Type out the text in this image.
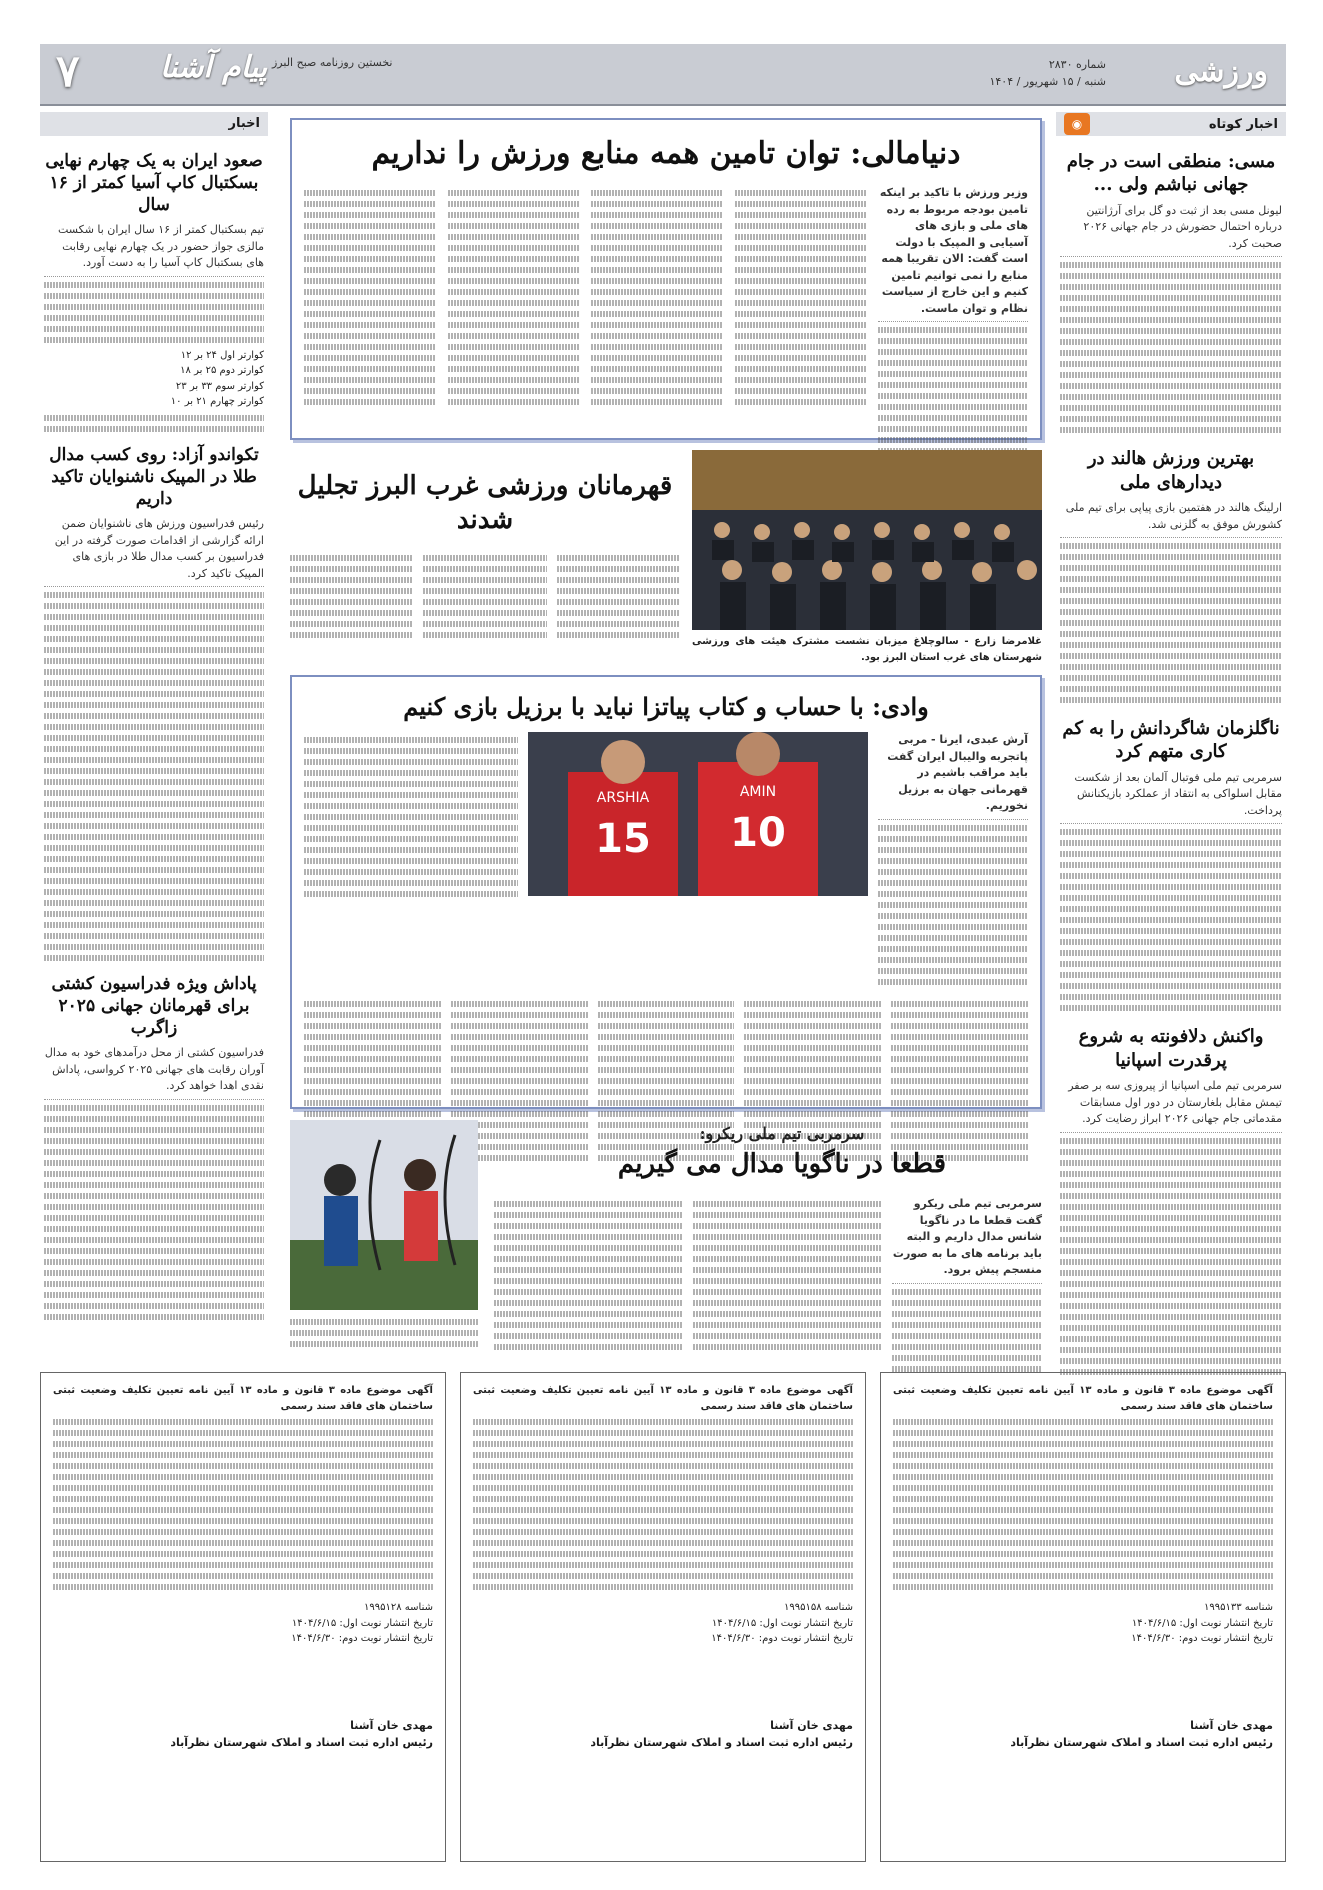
ورزشی
شماره ۲۸۳۰
شنبه / ۱۵ شهریور / ۱۴۰۴
نخستین روزنامه صبح البرز
پیام آشنا
۷
اخبار کوتاه
◉
مسی: منطقی است در جام جهانی نباشم ولی ...
لیونل مسی بعد از ثبت دو گل برای آرژانتین درباره احتمال حضورش در جام جهانی ۲۰۲۶ صحبت کرد.
بهترین ورزش هالند در دیدارهای ملی
ارلینگ هالند در هفتمین بازی پیاپی برای تیم ملی کشورش موفق به گلزنی شد.
ناگلزمان شاگردانش را به کم کاری متهم کرد
سرمربی تیم ملی فوتبال آلمان بعد از شکست مقابل اسلواکی به انتقاد از عملکرد بازیکنانش پرداخت.
واکنش دلافونته به شروع پرقدرت اسپانیا
سرمربی تیم ملی اسپانیا از پیروزی سه بر صفر تیمش مقابل بلغارستان در دور اول مسابقات مقدماتی جام جهانی ۲۰۲۶ ابراز رضایت کرد.
اخبار
صعود ایران به یک چهارم نهایی بسکتبال کاپ آسیا کمتر از ۱۶ سال
تیم بسکتبال کمتر از ۱۶ سال ایران با شکست مالزی جواز حضور در یک چهارم نهایی رقابت های بسکتبال کاپ آسیا را به دست آورد.
کوارتر اول ۲۴ بر ۱۲
کوارتر دوم ۲۵ بر ۱۸
کوارتر سوم ۳۳ بر ۲۳
کوارتر چهارم ۲۱ بر ۱۰
تکواندو آزاد: روی کسب مدال طلا در المپیک ناشنوایان تاکید داریم
رئیس فدراسیون ورزش های ناشنوایان ضمن ارائه گزارشی از اقدامات صورت گرفته در این فدراسیون بر کسب مدال طلا در بازی های المپیک تاکید کرد.
پاداش ویژه فدراسیون کشتی برای قهرمانان جهانی ۲۰۲۵ زاگرب
فدراسیون کشتی از محل درآمدهای خود به مدال آوران رقابت های جهانی ۲۰۲۵ کرواسی، پاداش نقدی اهدا خواهد کرد.
دنیامالی: توان تامین همه منابع ورزش را نداریم
وزیر ورزش با تاکید بر اینکه تامین بودجه مربوط به رده های ملی و بازی های آسیایی و المپیک با دولت است گفت: الان تقریبا همه منابع را نمی توانیم تامین کنیم و این خارج از سیاست نظام و توان ماست.
غلامرضا زارع - سالوچلاغ میزبان نشست مشترک هیئت های ورزشی شهرستان های غرب استان البرز بود.
قهرمانان ورزشی غرب البرز تجلیل شدند
وادی: با حساب و کتاب پیاتزا نباید با برزیل بازی کنیم
آرش عبدی، ایرنا - مربی پاتجربه والیبال ایران گفت باید مراقب باشیم در قهرمانی جهان به برزیل نخوریم.
ARSHIA
15
AMIN
10
سرمربی تیم ملی ریکرو:
قطعا در ناگویا مدال می گیریم
سرمربی تیم ملی ریکرو گفت قطعا ما در ناگویا شانس مدال داریم و البته باید برنامه های ما به صورت منسجم پیش برود.
آگهی موضوع ماده ۳ قانون و ماده ۱۳ آیین نامه تعیین تکلیف وضعیت ثبتی ساختمان های فاقد سند رسمی
شناسه ۱۹۹۵۱۳۳
تاریخ انتشار نوبت اول: ۱۴۰۴/۶/۱۵
تاریخ انتشار نوبت دوم: ۱۴۰۴/۶/۳۰
مهدی خان آشنا
رئیس اداره ثبت اسناد و املاک شهرستان نظرآباد
آگهی موضوع ماده ۳ قانون و ماده ۱۳ آیین نامه تعیین تکلیف وضعیت ثبتی ساختمان های فاقد سند رسمی
شناسه ۱۹۹۵۱۵۸
تاریخ انتشار نوبت اول: ۱۴۰۴/۶/۱۵
تاریخ انتشار نوبت دوم: ۱۴۰۴/۶/۳۰
مهدی خان آشنا
رئیس اداره ثبت اسناد و املاک شهرستان نظرآباد
آگهی موضوع ماده ۳ قانون و ماده ۱۳ آیین نامه تعیین تکلیف وضعیت ثبتی ساختمان های فاقد سند رسمی
شناسه ۱۹۹۵۱۲۸
تاریخ انتشار نوبت اول: ۱۴۰۴/۶/۱۵
تاریخ انتشار نوبت دوم: ۱۴۰۴/۶/۳۰
مهدی خان آشنا
رئیس اداره ثبت اسناد و املاک شهرستان نظرآباد
